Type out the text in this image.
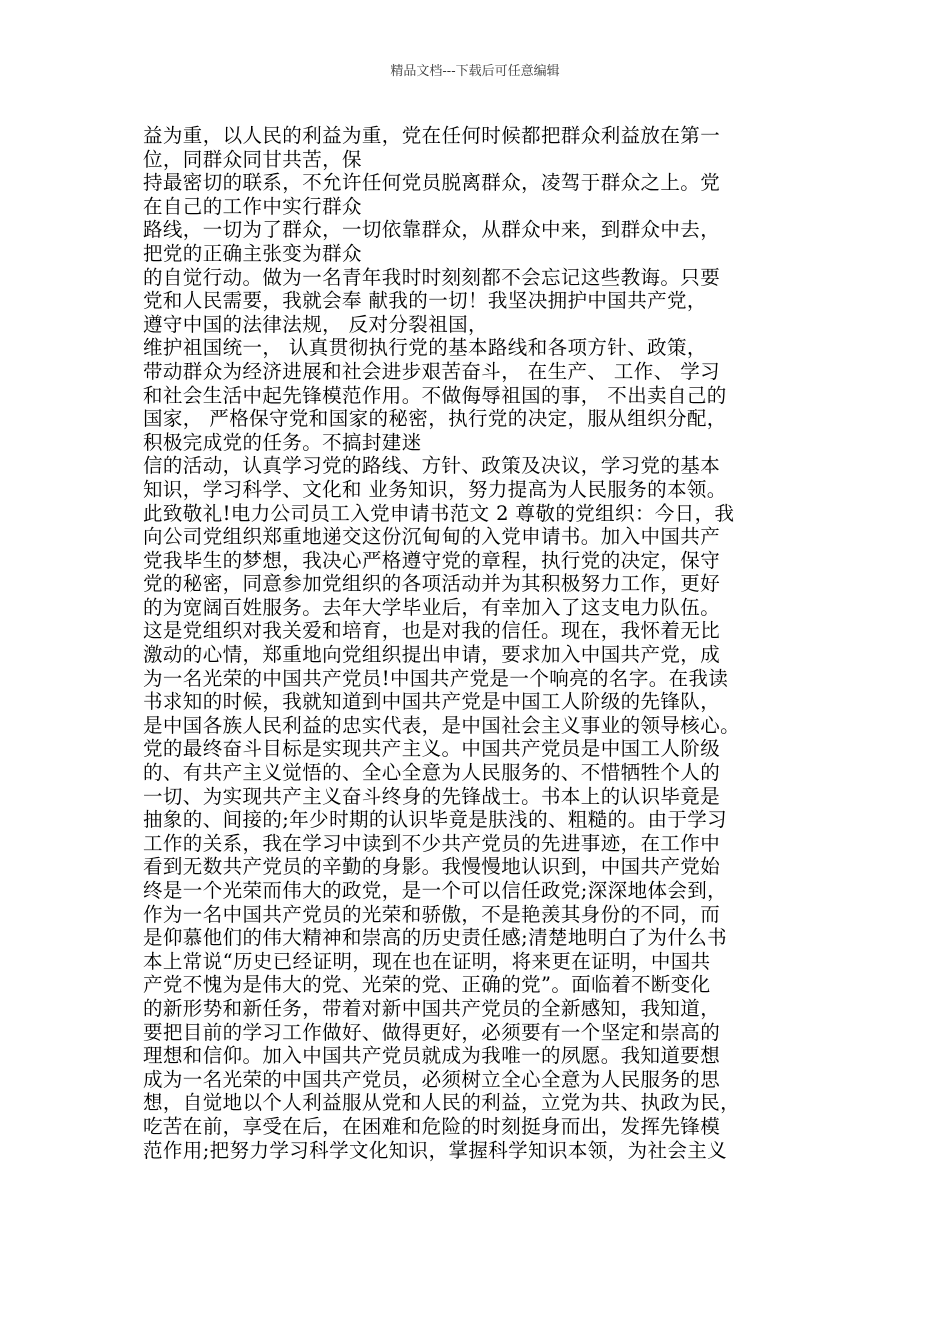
精品文档---下载后可任意编辑
益为重，以人民的利益为重，党在任何时候都把群众利益放在第一
位，同群众同甘共苦，保
持最密切的联系，不允许任何党员脱离群众，凌驾于群众之上。党
在自己的工作中实行群众
路线，一切为了群众，一切依靠群众，从群众中来，到群众中去，
把党的正确主张变为群众
的自觉行动。做为一名青年我时时刻刻都不会忘记这些教诲。只要
党和人民需要，我就会奉 献我的一切！我坚决拥护中国共产党，
遵守中国的法律法规， 反对分裂祖国，
维护祖国统一， 认真贯彻执行党的基本路线和各项方针、政策，
带动群众为经济进展和社会进步艰苦奋斗， 在生产、 工作、 学习
和社会生活中起先锋模范作用。不做侮辱祖国的事， 不出卖自己的
国家， 严格保守党和国家的秘密，执行党的决定，服从组织分配，
积极完成党的任务。不搞封建迷
信的活动，认真学习党的路线、方针、政策及决议，学习党的基本
知识，学习科学、文化和 业务知识，努力提高为人民服务的本领。
此致敬礼!电力公司员工入党申请书范文 2 尊敬的党组织：今日，我
向公司党组织郑重地递交这份沉甸甸的入党申请书。加入中国共产
党我毕生的梦想，我决心严格遵守党的章程，执行党的决定，保守
党的秘密，同意参加党组织的各项活动并为其积极努力工作，更好
的为宽阔百姓服务。去年大学毕业后，有幸加入了这支电力队伍。
这是党组织对我关爱和培育，也是对我的信任。现在，我怀着无比
激动的心情，郑重地向党组织提出申请，要求加入中国共产党，成
为一名光荣的中国共产党员!中国共产党是一个响亮的名字。在我读
书求知的时候，我就知道到中国共产党是中国工人阶级的先锋队，
是中国各族人民利益的忠实代表，是中国社会主义事业的领导核心。
党的最终奋斗目标是实现共产主义。中国共产党员是中国工人阶级
的、有共产主义觉悟的、全心全意为人民服务的、不惜牺牲个人的
一切、为实现共产主义奋斗终身的先锋战士。书本上的认识毕竟是
抽象的、间接的;年少时期的认识毕竟是肤浅的、粗糙的。由于学习
工作的关系，我在学习中读到不少共产党员的先进事迹，在工作中
看到无数共产党员的辛勤的身影。我慢慢地认识到，中国共产党始
终是一个光荣而伟大的政党，是一个可以信任政党;深深地体会到，
作为一名中国共产党员的光荣和骄傲，不是艳羡其身份的不同，而
是仰慕他们的伟大精神和崇高的历史责任感;清楚地明白了为什么书
本上常说“历史已经证明，现在也在证明，将来更在证明，中国共
产党不愧为是伟大的党、光荣的党、正确的党”。面临着不断变化
的新形势和新任务，带着对新中国共产党员的全新感知，我知道，
要把目前的学习工作做好、做得更好，必须要有一个坚定和崇高的
理想和信仰。加入中国共产党员就成为我唯一的夙愿。我知道要想
成为一名光荣的中国共产党员，必须树立全心全意为人民服务的思
想，自觉地以个人利益服从党和人民的利益，立党为共、执政为民，
吃苦在前，享受在后，在困难和危险的时刻挺身而出，发挥先锋模
范作用;把努力学习科学文化知识，掌握科学知识本领，为社会主义
